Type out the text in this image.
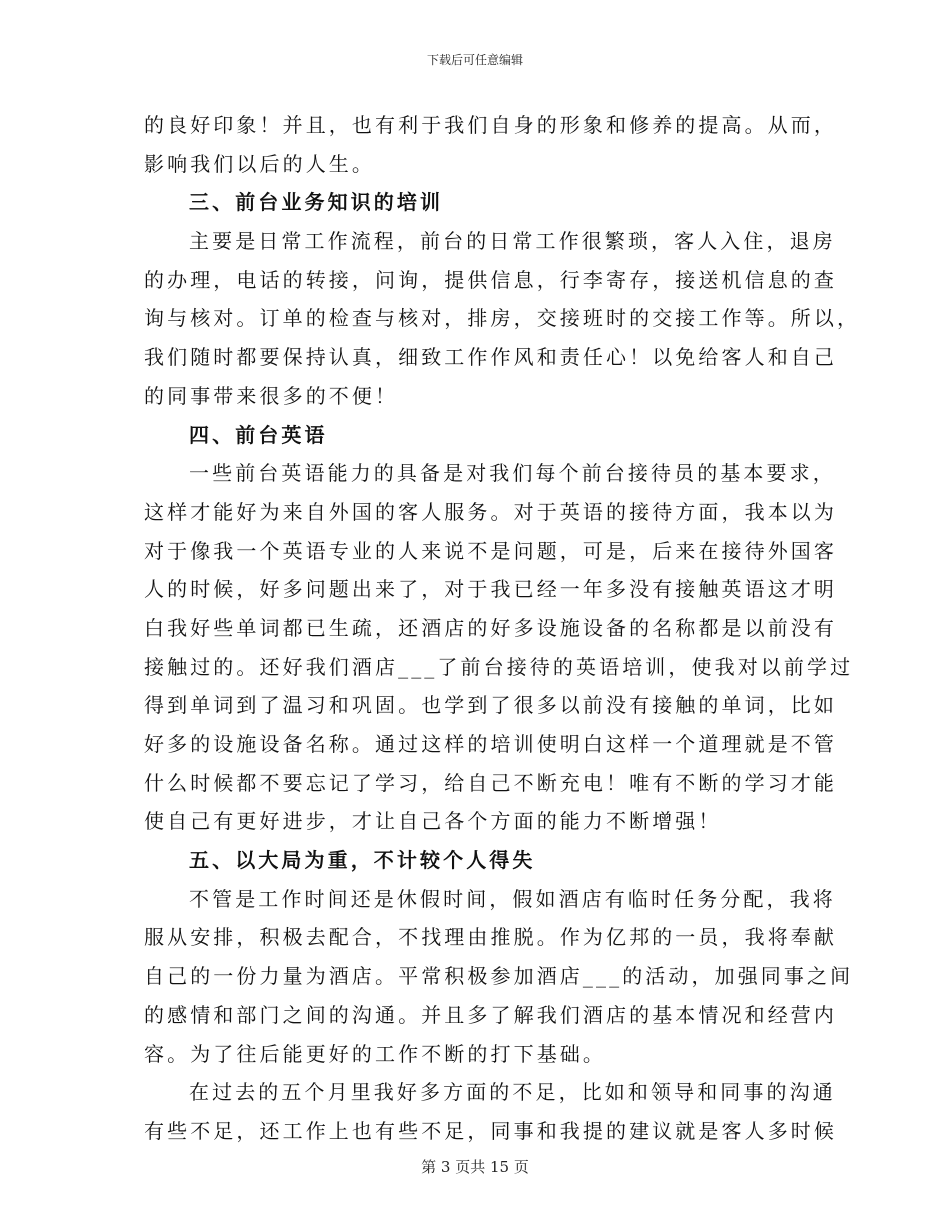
下载后可任意编辑
的良好印象！并且，也有利于我们自身的形象和修养的提高。从而，
影响我们以后的人生。
三、前台业务知识的培训
主要是日常工作流程，前台的日常工作很繁琐，客人入住，退房
的办理，电话的转接，问询，提供信息，行李寄存，接送机信息的查
询与核对。订单的检查与核对，排房，交接班时的交接工作等。所以，
我们随时都要保持认真，细致工作作风和责任心！以免给客人和自己
的同事带来很多的不便！
四、前台英语
一些前台英语能力的具备是对我们每个前台接待员的基本要求，
这样才能好为来自外国的客人服务。对于英语的接待方面，我本以为
对于像我一个英语专业的人来说不是问题，可是，后来在接待外国客
人的时候，好多问题出来了，对于我已经一年多没有接触英语这才明
白我好些单词都已生疏，还酒店的好多设施设备的名称都是以前没有
接触过的。还好我们酒店___了前台接待的英语培训，使我对以前学过
得到单词到了温习和巩固。也学到了很多以前没有接触的单词，比如
好多的设施设备名称。通过这样的培训使明白这样一个道理就是不管
什么时候都不要忘记了学习，给自己不断充电！唯有不断的学习才能
使自己有更好进步，才让自己各个方面的能力不断增强！
五、以大局为重，不计较个人得失
不管是工作时间还是休假时间，假如酒店有临时任务分配，我将
服从安排，积极去配合，不找理由推脱。作为亿邦的一员，我将奉献
自己的一份力量为酒店。平常积极参加酒店___的活动，加强同事之间
的感情和部门之间的沟通。并且多了解我们酒店的基本情况和经营内
容。为了往后能更好的工作不断的打下基础。
在过去的五个月里我好多方面的不足，比如和领导和同事的沟通
有些不足，还工作上也有些不足，同事和我提的建议就是客人多时候
第 3 页共 15 页
